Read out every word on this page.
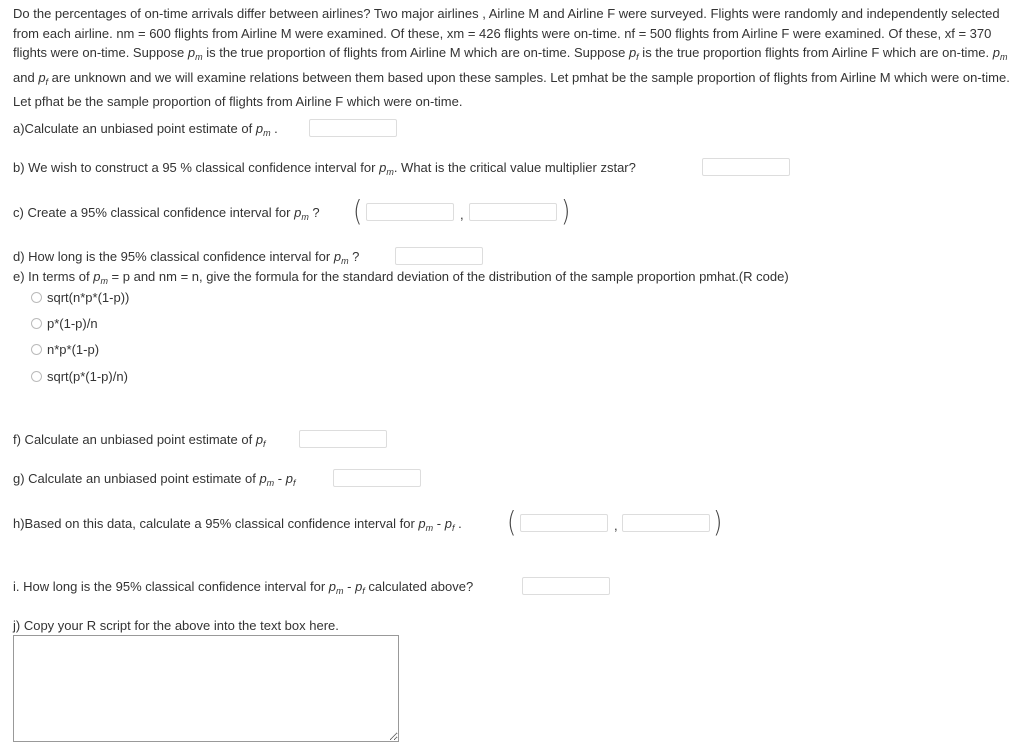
Do the percentages of on-time arrivals differ between airlines? Two major airlines , Airline M and Airline F were surveyed. Flights were randomly and independently selected from each airline. nm = 600 flights from Airline M were examined. Of these, xm = 426 flights were on-time. nf = 500 flights from Airline F were examined. Of these, xf = 370 flights were on-time. Suppose $p_m$ is the true proportion of flights from Airline M which are on-time. Suppose $p_f$ is the true proportion flights from Airline F which are on-time. $p_m$ and $p_f$ are unknown and we will examine relations between them based upon these samples. Let pmhat be the sample proportion of flights from Airline M which were on-time. Let pfhat be the sample proportion of flights from Airline F which were on-time.
a)Calculate an unbiased point estimate of $p_m$ .
b) We wish to construct a 95 % classical confidence interval for $p_m$. What is the critical value multiplier zstar?
c) Create a 95% classical confidence interval for $p_m$ ? (	,	)
d) How long is the 95% classical confidence interval for $p_m$ ?
e) In terms of $p_m = p$ and nm = n, give the formula for the standard deviation of the distribution of the sample proportion pmhat.(R code)
sqrt(n*p*(1-p))
p*(1-p)/n
n*p*(1-p)
sqrt(p*(1-p)/n)
f) Calculate an unbiased point estimate of $p_f$
g) Calculate an unbiased point estimate of $p_m - p_f$
h)Based on this data, calculate a 95% classical confidence interval for $p_m - p_f$ . (	,	)
i. How long is the 95% classical confidence interval for $p_m - p_f$ calculated above?
j) Copy your R script for the above into the text box here.
